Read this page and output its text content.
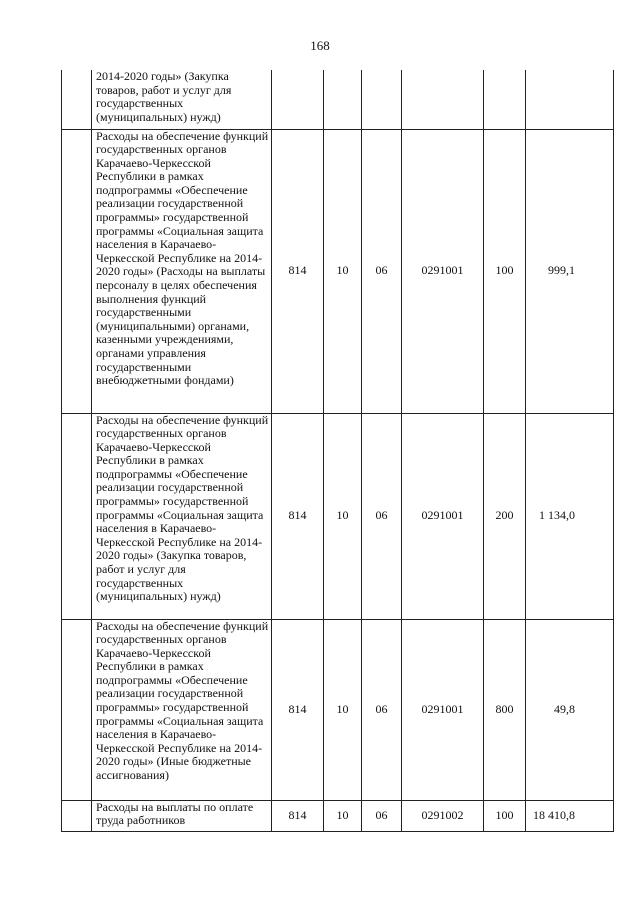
168
	2014-2020 годы» (Закупка товаров, работ и услуг для государственных (муниципальных) нужд)						
	Расходы на обеспечение функций государственных органов Карачаево-Черкесской Республики в рамках подпрограммы «Обеспечение реализации государственной программы» государственной программы «Социальная защита населения в Карачаево-Черкесской Республике на 2014-2020 годы» (Расходы на выплаты персоналу в целях обеспечения выполнения функций государственными (муниципальными) органами, казенными учреждениями, органами управления государственными внебюджетными фондами)	814	10	06	0291001	100	999,1
	Расходы на обеспечение функций государственных органов Карачаево-Черкесской Республики в рамках подпрограммы «Обеспечение реализации государственной программы» государственной программы «Социальная защита населения в Карачаево-Черкесской Республике на 2014-2020 годы» (Закупка товаров, работ и услуг для государственных (муниципальных) нужд)	814	10	06	0291001	200	1 134,0
	Расходы на обеспечение функций государственных органов Карачаево-Черкесской Республики в рамках подпрограммы «Обеспечение реализации государственной программы» государственной программы «Социальная защита населения в Карачаево-Черкесской Республике на 2014-2020 годы» (Иные бюджетные ассигнования)	814	10	06	0291001	800	49,8
	Расходы на выплаты по оплате труда работников	814	10	06	0291002	100	18 410,8
